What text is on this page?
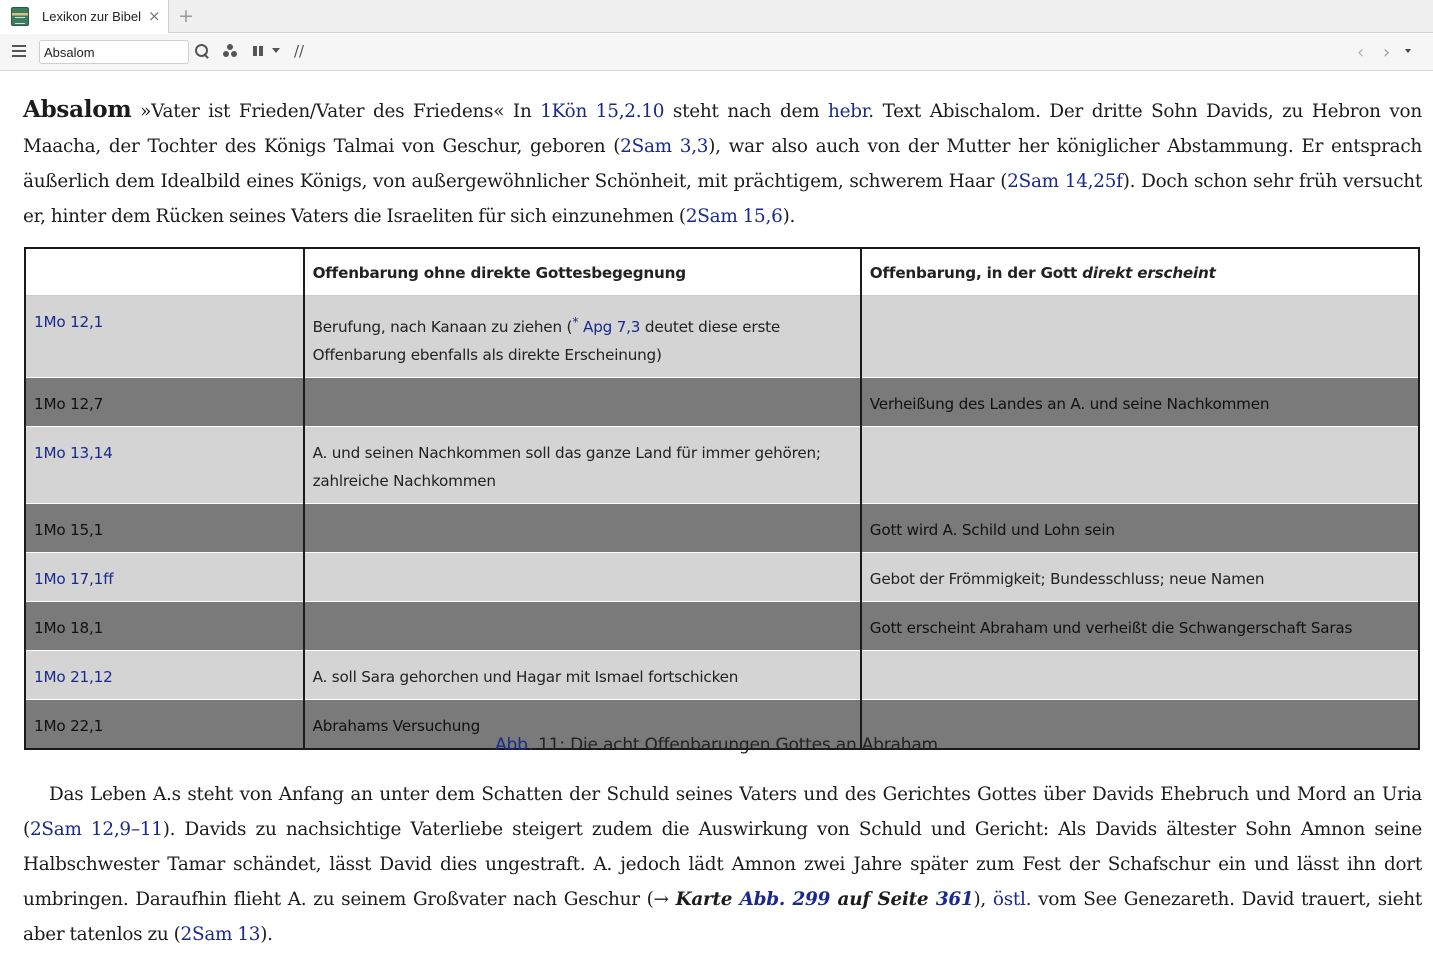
Lexikon zur Bibel × +
Absalom
//	‹ ›

Absalom »Vater ist Frieden/Vater des Friedens« In 1Kön 15,2.10 steht nach dem hebr. Text Abischalom. Der dritte Sohn Davids, zu Hebron von Maacha, der Tochter des Königs Talmai von Geschur, geboren (2Sam 3,3), war also auch von der Mutter her königlicher Abstammung. Er entsprach äußerlich dem Idealbild eines Königs, von außergewöhnlicher Schönheit, mit prächtigem, schwerem Haar (2Sam 14,25f). Doch schon sehr früh versucht er, hinter dem Rücken seines Vaters die Israeliten für sich einzunehmen (2Sam 15,6).

	Offenbarung ohne direkte Gottesbegegnung	Offenbarung, in der Gott direkt erscheint
1Mo 12,1	Berufung, nach Kanaan zu ziehen (* Apg 7,3 deutet diese erste Offenbarung ebenfalls als direkte Erscheinung)	
1Mo 12,7		Verheißung des Landes an A. und seine Nachkommen
1Mo 13,14	A. und seinen Nachkommen soll das ganze Land für immer gehören; zahlreiche Nachkommen	
1Mo 15,1		Gott wird A. Schild und Lohn sein
1Mo 17,1ff		Gebot der Frömmigkeit; Bundesschluss; neue Namen
1Mo 18,1		Gott erscheint Abraham und verheißt die Schwangerschaft Saras
1Mo 21,12	A. soll Sara gehorchen und Hagar mit Ismael fortschicken	
1Mo 22,1	Abrahams Versuchung	
Abb. 11: Die acht Offenbarungen Gottes an Abraham

Das Leben A.s steht von Anfang an unter dem Schatten der Schuld seines Vaters und des Gerichtes Gottes über Davids Ehebruch und Mord an Uria (2Sam 12,9–11). Davids zu nachsichtige Vaterliebe steigert zudem die Auswirkung von Schuld und Gericht: Als Davids ältester Sohn Amnon seine Halbschwester Tamar schändet, lässt David dies ungestraft. A. jedoch lädt Amnon zwei Jahre später zum Fest der Schafschur ein und lässt ihn dort umbringen. Daraufhin flieht A. zu seinem Großvater nach Geschur (→ Karte Abb. 299 auf Seite 361), östl. vom See Genezareth. David trauert, sieht aber tatenlos zu (2Sam 13).
